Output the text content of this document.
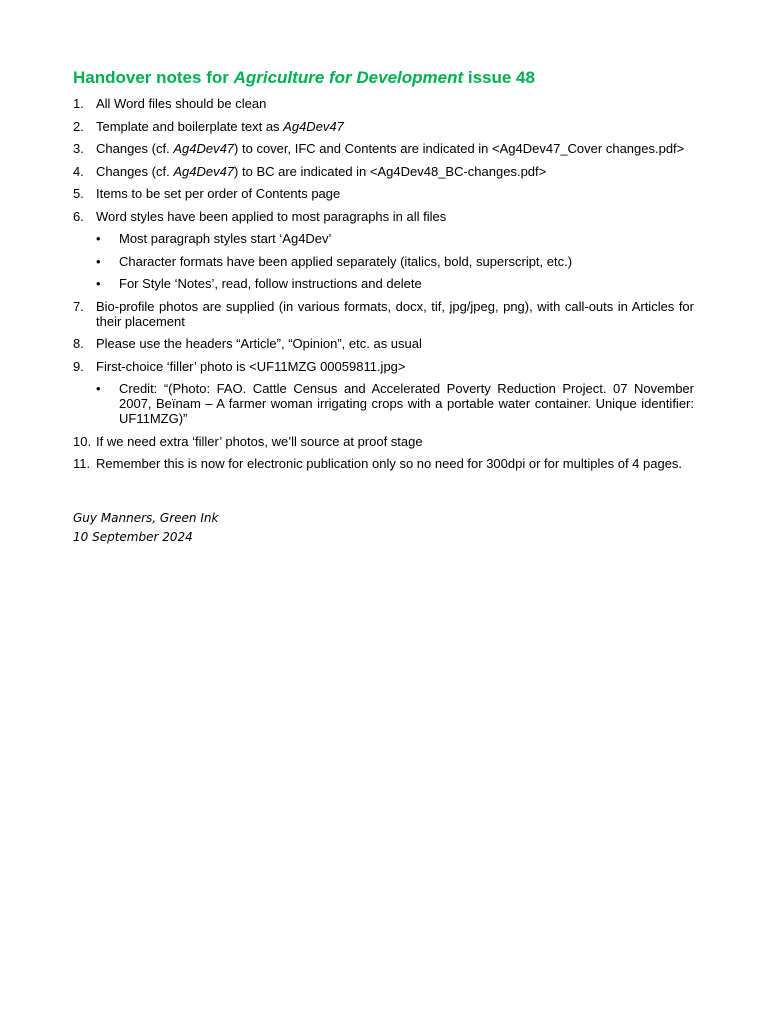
Handover notes for Agriculture for Development issue 48
1. All Word files should be clean
2. Template and boilerplate text as Ag4Dev47
3. Changes (cf. Ag4Dev47) to cover, IFC and Contents are indicated in <Ag4Dev47_Cover changes.pdf>
4. Changes (cf. Ag4Dev47) to BC are indicated in <Ag4Dev48_BC-changes.pdf>
5. Items to be set per order of Contents page
6. Word styles have been applied to most paragraphs in all files
• Most paragraph styles start ‘Ag4Dev’
• Character formats have been applied separately (italics, bold, superscript, etc.)
• For Style ‘Notes’, read, follow instructions and delete
7. Bio-profile photos are supplied (in various formats, docx, tif, jpg/jpeg, png), with call-outs in Articles for their placement
8. Please use the headers “Article”, “Opinion”, etc. as usual
9. First-choice ‘filler’ photo is <UF11MZG 00059811.jpg>
• Credit: “(Photo: FAO. Cattle Census and Accelerated Poverty Reduction Project. 07 November 2007, Beïnam – A farmer woman irrigating crops with a portable water container. Unique identifier: UF11MZG)”
10. If we need extra ‘filler’ photos, we’ll source at proof stage
11. Remember this is now for electronic publication only so no need for 300dpi or for multiples of 4 pages.
Guy Manners, Green Ink
10 September 2024
